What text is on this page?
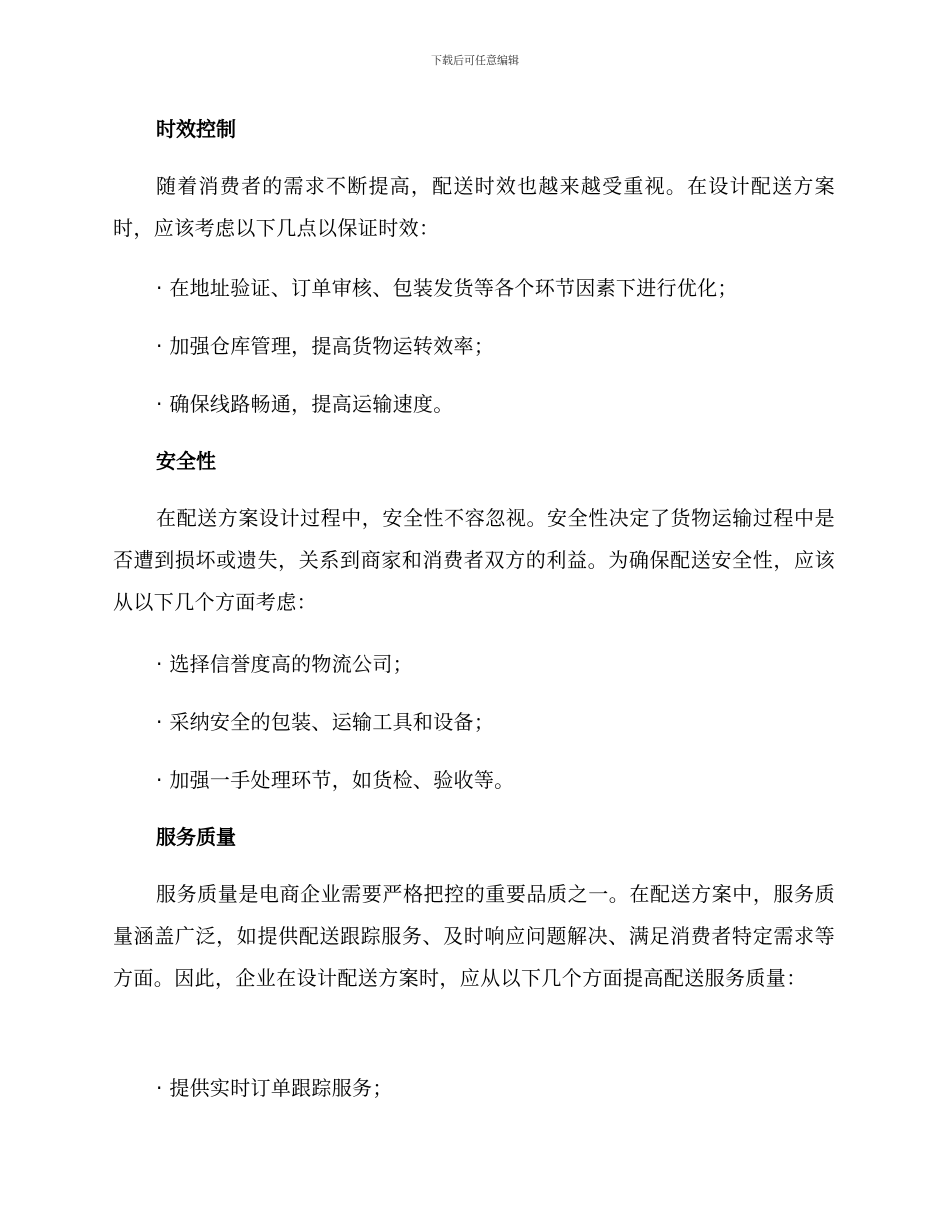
下载后可任意编辑
时效控制
随着消费者的需求不断提高，配送时效也越来越受重视。在设计配送方案时，应该考虑以下几点以保证时效：
· 在地址验证、订单审核、包装发货等各个环节因素下进行优化；
· 加强仓库管理，提高货物运转效率；
· 确保线路畅通，提高运输速度。
安全性
在配送方案设计过程中，安全性不容忽视。安全性决定了货物运输过程中是否遭到损坏或遗失，关系到商家和消费者双方的利益。为确保配送安全性，应该从以下几个方面考虑：
· 选择信誉度高的物流公司；
· 采纳安全的包装、运输工具和设备；
· 加强一手处理环节，如货检、验收等。
服务质量
服务质量是电商企业需要严格把控的重要品质之一。在配送方案中，服务质量涵盖广泛，如提供配送跟踪服务、及时响应问题解决、满足消费者特定需求等方面。因此，企业在设计配送方案时，应从以下几个方面提高配送服务质量：
· 提供实时订单跟踪服务；
